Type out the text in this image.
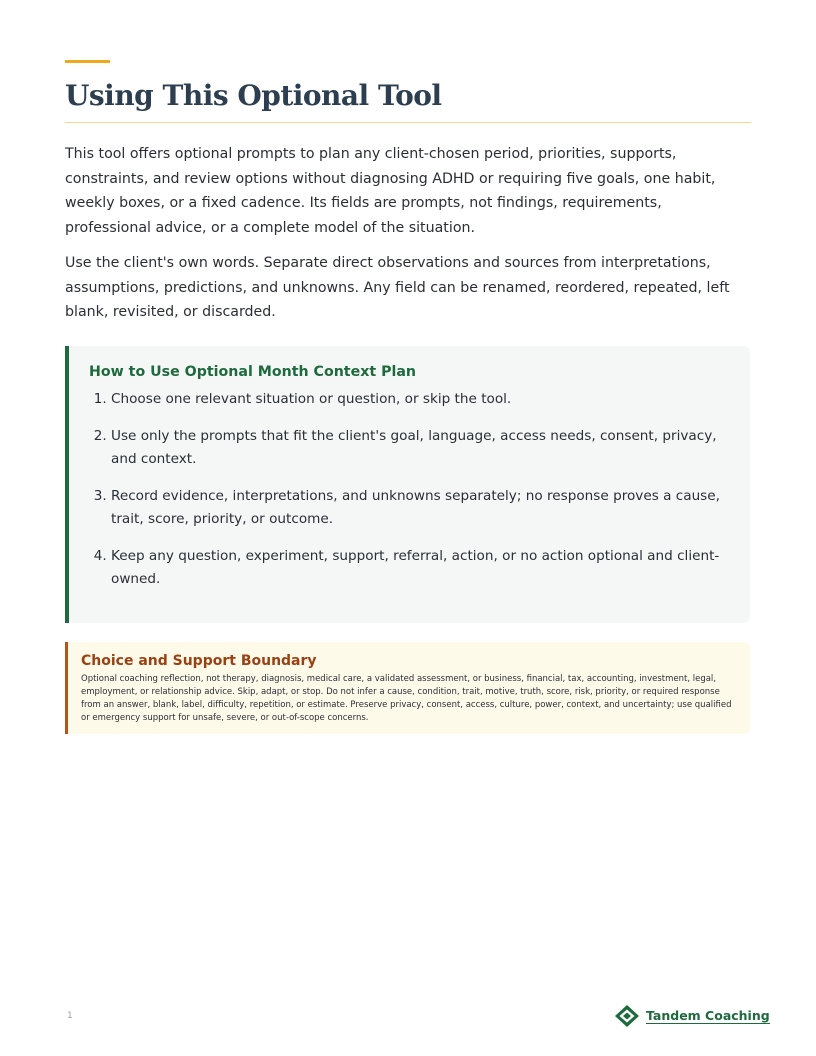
Using This Optional Tool

This tool offers optional prompts to plan any client-chosen period, priorities, supports, constraints, and review options without diagnosing ADHD or requiring five goals, one habit, weekly boxes, or a fixed cadence. Its fields are prompts, not findings, requirements, professional advice, or a complete model of the situation.

Use the client's own words. Separate direct observations and sources from interpretations, assumptions, predictions, and unknowns. Any field can be renamed, reordered, repeated, left blank, revisited, or discarded.

How to Use Optional Month Context Plan
1. Choose one relevant situation or question, or skip the tool.
2. Use only the prompts that fit the client's goal, language, access needs, consent, privacy, and context.
3. Record evidence, interpretations, and unknowns separately; no response proves a cause, trait, score, priority, or outcome.
4. Keep any question, experiment, support, referral, action, or no action optional and client-owned.
Choice and Support Boundary

Optional coaching reflection, not therapy, diagnosis, medical care, a validated assessment, or business, financial, tax, accounting, investment, legal, employment, or relationship advice. Skip, adapt, or stop. Do not infer a cause, condition, trait, motive, truth, score, risk, priority, or required response from an answer, blank, label, difficulty, repetition, or estimate. Preserve privacy, consent, access, culture, power, context, and uncertainty; use qualified or emergency support for unsafe, severe, or out-of-scope concerns.

1	Tandem Coaching
